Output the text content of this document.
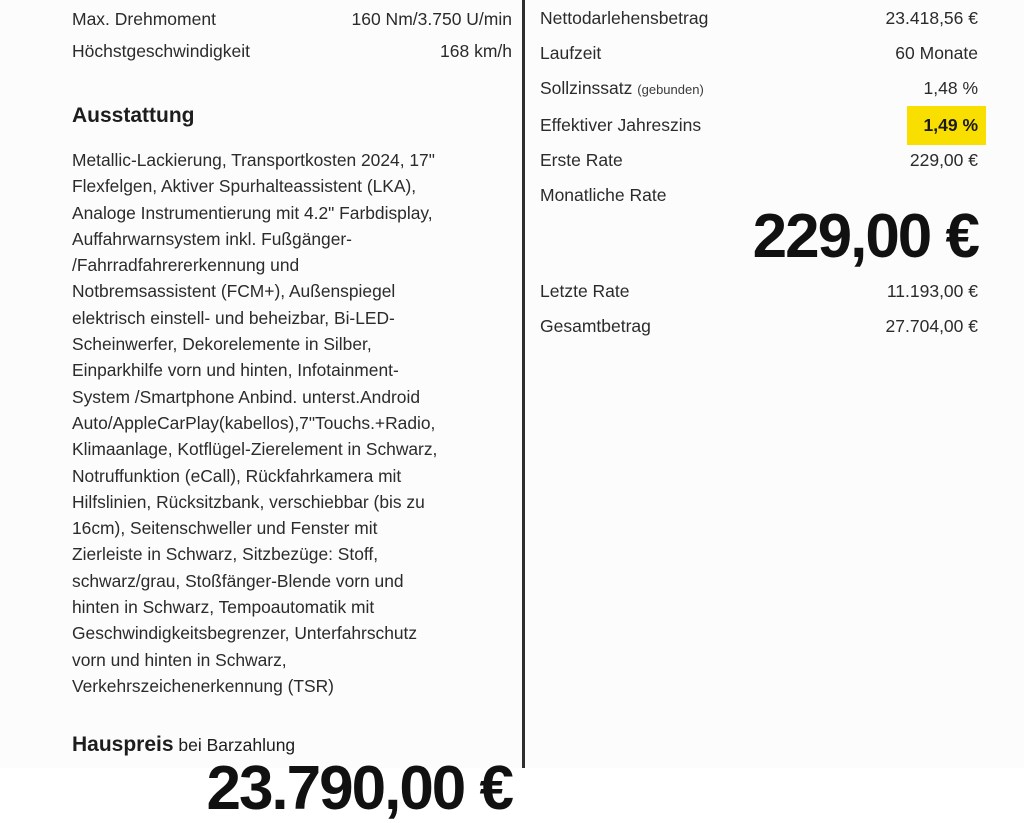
Max. Drehmoment	160 Nm/3.750 U/min
Höchstgeschwindigkeit	168 km/h
Ausstattung
Metallic-Lackierung, Transportkosten 2024, 17"
Flexfelgen, Aktiver Spurhalteassistent (LKA),
Analoge Instrumentierung mit 4.2" Farbdisplay,
Auffahrwarnsystem inkl. Fußgänger-
/Fahrradfahrererkennung und
Notbremsassistent (FCM+), Außenspiegel
elektrisch einstell- und beheizbar, Bi-LED-
Scheinwerfer, Dekorelemente in Silber,
Einparkhilfe vorn und hinten, Infotainment-
System /Smartphone Anbind. unterst.Android
Auto/AppleCarPlay(kabellos),7"Touchs.+Radio,
Klimaanlage, Kotflügel-Zierelement in Schwarz,
Notruffunktion (eCall), Rückfahrkamera mit
Hilfslinien, Rücksitzbank, verschiebbar (bis zu
16cm), Seitenschweller und Fenster mit
Zierleiste in Schwarz, Sitzbezüge: Stoff,
schwarz/grau, Stoßfänger-Blende vorn und
hinten in Schwarz, Tempoautomatik mit
Geschwindigkeitsbegrenzer, Unterfahrschutz
vorn und hinten in Schwarz,
Verkehrszeichenerkennung (TSR)
Hauspreis bei Barzahlung
23.790,00 €
Nettodarlehensbetrag	23.418,56 €
Laufzeit	60 Monate
Sollzinssatz (gebunden)	1,48 %
Effektiver Jahreszins	1,49 %
Erste Rate	229,00 €
Monatliche Rate
229,00 €
Letzte Rate	11.193,00 €
Gesamtbetrag	27.704,00 €
